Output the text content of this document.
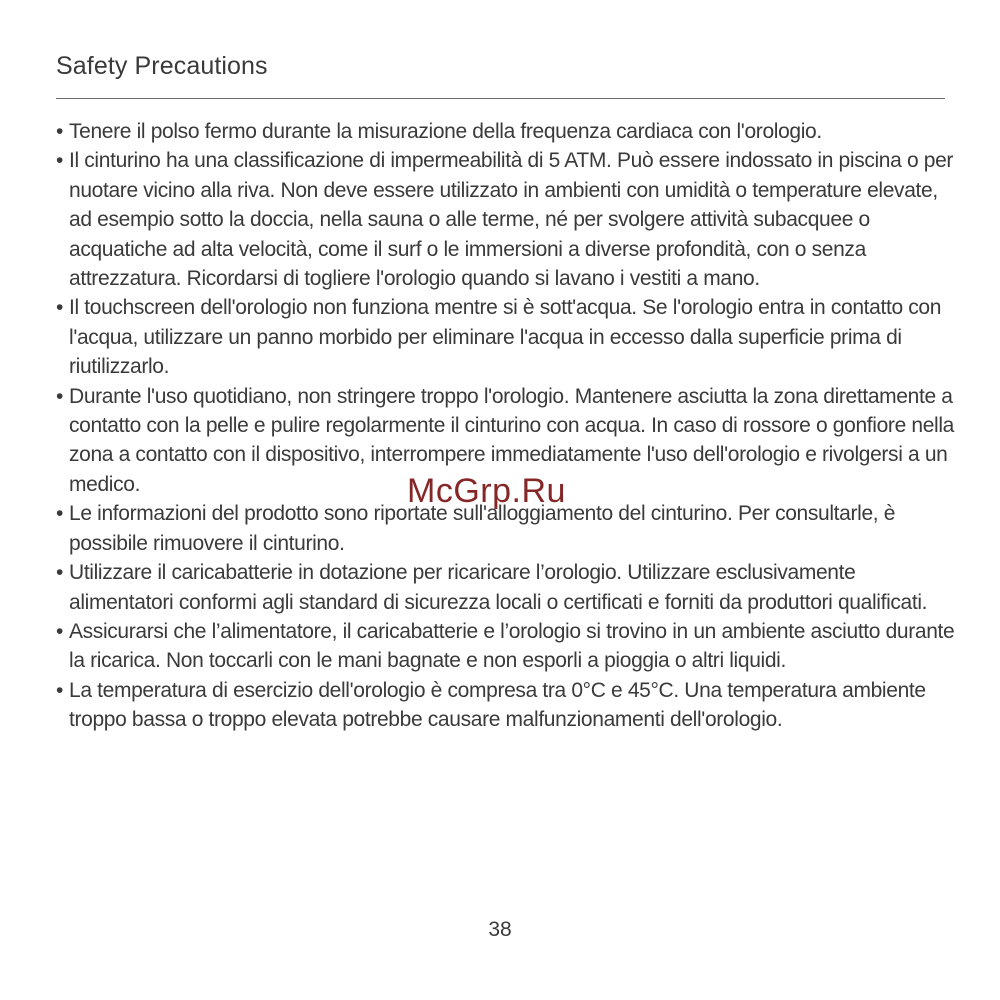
Safety Precautions
• Tenere il polso fermo durante la misurazione della frequenza cardiaca con l'orologio.
• Il cinturino ha una classificazione di impermeabilità di 5 ATM. Può essere indossato in piscina o per nuotare vicino alla riva. Non deve essere utilizzato in ambienti con umidità o temperature elevate, ad esempio sotto la doccia, nella sauna o alle terme, né per svolgere attività subacquee o acquatiche ad alta velocità, come il surf o le immersioni a diverse profondità, con o senza attrezzatura. Ricordarsi di togliere l'orologio quando si lavano i vestiti a mano.
• Il touchscreen dell'orologio non funziona mentre si è sott'acqua. Se l'orologio entra in contatto con l'acqua, utilizzare un panno morbido per eliminare l'acqua in eccesso dalla superficie prima di riutilizzarlo.
• Durante l'uso quotidiano, non stringere troppo l'orologio. Mantenere asciutta la zona direttamente a contatto con la pelle e pulire regolarmente il cinturino con acqua. In caso di rossore o gonfiore nella zona a contatto con il dispositivo, interrompere immediatamente l'uso dell'orologio e rivolgersi a un medico.
• Le informazioni del prodotto sono riportate sull'alloggiamento del cinturino. Per consultarle, è possibile rimuovere il cinturino.
• Utilizzare il caricabatterie in dotazione per ricaricare l’orologio. Utilizzare esclusivamente alimentatori conformi agli standard di sicurezza locali o certificati e forniti da produttori qualificati.
• Assicurarsi che l’alimentatore, il caricabatterie e l’orologio si trovino in un ambiente asciutto durante la ricarica. Non toccarli con le mani bagnate e non esporli a pioggia o altri liquidi.
• La temperatura di esercizio dell'orologio è compresa tra 0°C e 45°C. Una temperatura ambiente troppo bassa o troppo elevata potrebbe causare malfunzionamenti dell'orologio.
McGrp.Ru
38
